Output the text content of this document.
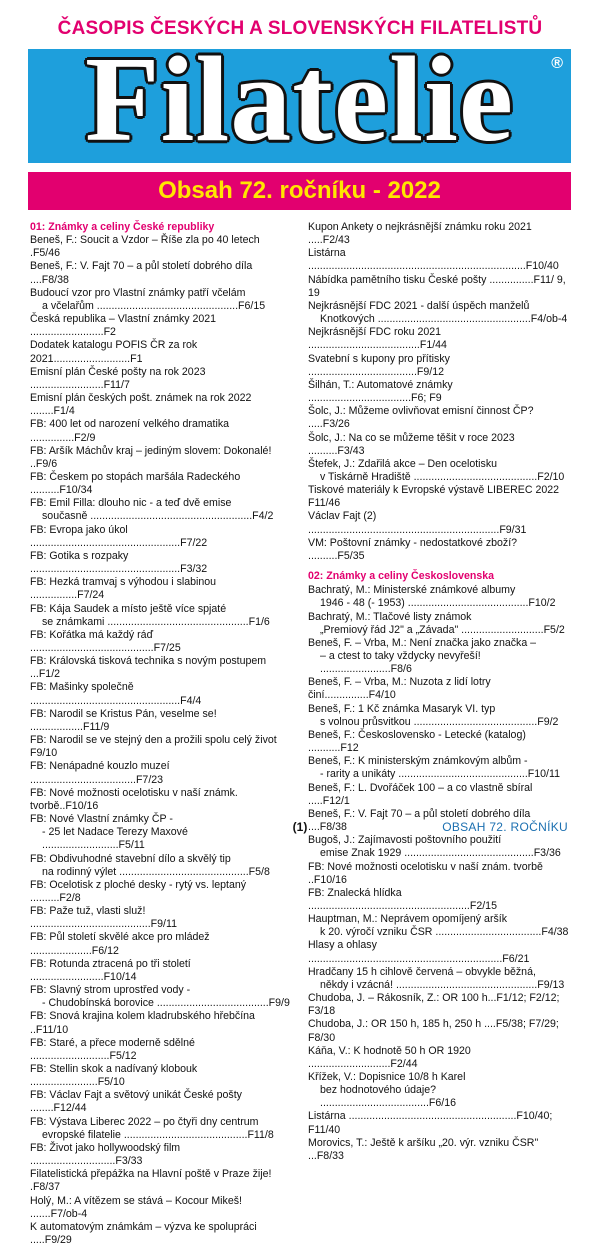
ČASOPIS ČESKÝCH A SLOVENSKÝCH FILATELISTŮ
Filatelie	®
Obsah 72. ročníku - 2022
01: Známky a celiny České republiky
Beneš, F.: Soucit a Vzdor – Říše zla po 40 letech .F5/46
Beneš, F.: V. Fajt 70 – a půl století dobrého díla ....F8/38
Budoucí vzor pro Vlastní známky patří včelám
a včelařům ................................................F6/15
Česká republika – Vlastní známky 2021 .........................F2
Dodatek katalogu POFIS ČR za rok 2021..........................F1
Emisní plán České pošty na rok 2023 .........................F11/7
Emisní plán českých pošt. známek na rok 2022 ........F1/4
FB: 400 let od narození velkého dramatika ...............F2/9
FB: Aršík Máchův kraj – jediným slovem: Dokonalé! ..F9/6
FB: Českem po stopách maršála Radeckého ..........F10/34
FB: Emil Filla: dlouho nic - a teď dvě emise
současně .......................................................F4/2
FB: Evropa jako úkol ...................................................F7/22
FB: Gotika s rozpaky ...................................................F3/32
FB: Hezká tramvaj s výhodou i slabinou ................F7/24
FB: Kája Saudek a místo ještě více spjaté
se známkami ................................................F1/6
FB: Kořátka má každý ráď ..........................................F7/25
FB: Královská tisková technika s novým postupem ...F1/2
FB: Mašinky společně ...................................................F4/4
FB: Narodil se Kristus Pán, veselme se! ..................F11/9
FB: Narodil se ve stejný den a prožili spolu celý život F9/10
FB: Nenápadné kouzlo muzeí ....................................F7/23
FB: Nové možnosti ocelotisku v naší známk. tvorbě..F10/16
FB: Nové Vlastní známky ČP -
- 25 let Nadace Terezy Maxové ..........................F5/11
FB: Obdivuhodné stavební dílo a skvělý tip
na rodinný výlet ............................................F5/8
FB: Ocelotisk z ploché desky - rytý vs. leptaný ..........F2/8
FB: Paže tuž, vlasti služ! .........................................F9/11
FB: Půl století skvělé akce pro mládež .....................F6/12
FB: Rotunda ztracená po tři století .........................F10/14
FB: Slavný strom uprostřed vody -
- Chudobínská borovice ......................................F9/9
FB: Snová krajina kolem kladrubského hřebčína ..F11/10
FB: Staré, a přece moderně sdělné ...........................F5/12
FB: Stellin skok a nadívaný klobouk .......................F5/10
FB: Václav Fajt a světový unikát České pošty ........F12/44
FB: Výstava Liberec 2022 – po čtyři dny centrum
evropské filatelie ..........................................F11/8
FB: Život jako hollywoodský film .............................F3/33
Filatelistická přepážka na Hlavní poště v Praze žije! .F8/37
Holý, M.: A vítězem se stává – Kocour Mikeš! .......F7/ob-4
K automatovým známkám – výzva ke spolupráci .....F9/29
Kupon Ankety o nejkrásnější známku roku 2021 .....F2/43
Listárna ..........................................................................F10/40
Nábídka pamětního tisku České pošty ...............F11/ 9, 19
Nejkrásnější FDC 2021 - další úspěch manželů
Knotkových ....................................................F4/ob-4
Nejkrásnější FDC roku 2021 ......................................F1/44
Svatební s kupony pro přítisky .....................................F9/12
Šilhán, T.: Automatové známky ...................................F6; F9
Šolc, J.: Můžeme ovlivňovat emisní činnost ČP? .....F3/26
Šolc, J.: Na co se můžeme těšit v roce 2023 ..........F3/43
Štefek, J.: Zdařilá akce – Den ocelotisku
v Tiskárně Hradiště ..........................................F2/10
Tiskové materiály k Evropské výstavě LIBEREC 2022 F11/46
Václav Fajt (2) .................................................................F9/31
VM: Poštovní známky - nedostatkové zboží? ..........F5/35
02: Známky a celiny Československa
Bachratý, M.: Ministerské známkové albumy
1946 - 48 (- 1953) .........................................F10/2
Bachratý, M.: Tlačové listy známok
„Premiový řád J2" a „Závada" ............................F5/2
Beneš, F. – Vrba, M.: Není značka jako značka –
– a ctest to taky vždycky nevyřeší! ........................F8/6
Beneš, F. – Vrba, M.: Nuzota z lidí lotry činí...............F4/10
Beneš, F.: 1 Kč známka Masaryk VI. typ
s volnou průsvitkou ..........................................F9/2
Beneš, F.: Československo - Letecké (katalog) ...........F12
Beneš, F.: K ministerským známkovým albům -
- rarity a unikáty ............................................F10/11
Beneš, F.: L. Dvořáček 100 – a co vlastně sbíral .....F12/1
Beneš, F.: V. Fajt 70 – a půl století dobrého díla ....F8/38
Bugoš, J.: Zajímavosti poštovního použití
emise Znak 1929 ............................................F3/36
FB: Nové možnosti ocelotisku v naší znám. tvorbě ..F10/16
FB: Znalecká hlídka .......................................................F2/15
Hauptman, M.: Neprávem opomíjený aršík
k 20. výročí vzniku ČSR ....................................F4/38
Hlasy a ohlasy ..................................................................F6/21
Hradčany 15 h cihlově červená – obvykle běžná,
někdy i vzácná! ................................................F9/13
Chudoba, J. – Rákosník, Z.: OR 100 h...F1/12; F2/12; F3/18
Chudoba, J.: OR 150 h, 185 h, 250 h ....F5/38; F7/29; F8/30
Káňa, V.: K hodnotě 50 h OR 1920 ............................F2/44
Křížek, V.: Dopisnice 10/8 h Karel
bez hodnotového údaje? .....................................F6/16
Listárna .........................................................F10/40; F11/40
Morovics, T.: Ještě k aršíku „20. výr. vzniku ČSR" ...F8/33
(1)	OBSAH 72. ROČNÍKU
